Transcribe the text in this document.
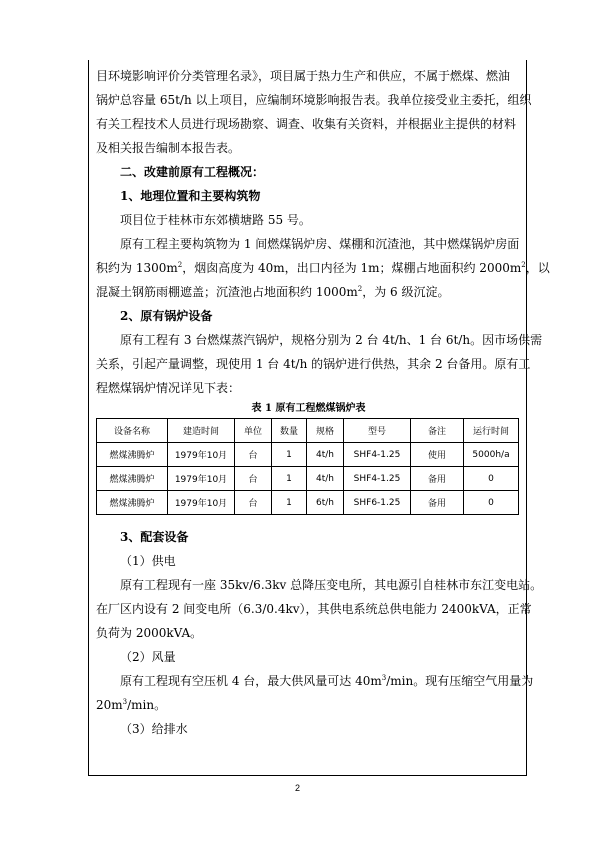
目环境影响评价分类管理名录》，项目属于热力生产和供应，不属于燃煤、燃油

锅炉总容量 65t/h 以上项目，应编制环境影响报告表。我单位接受业主委托，组织

有关工程技术人员进行现场勘察、调查、收集有关资料，并根据业主提供的材料

及相关报告编制本报告表。

二、改建前原有工程概况：

1、地理位置和主要构筑物

项目位于桂林市东郊横塘路 55 号。

原有工程主要构筑物为 1 间燃煤锅炉房、煤棚和沉渣池，其中燃煤锅炉房面

积约为 $1300m^2$，烟囱高度为 40m，出口内径为 1m；煤棚占地面积约 $2000m^2$，以

混凝土钢筋雨棚遮盖；沉渣池占地面积约 $1000m^2$，为 6 级沉淀。

2、原有锅炉设备

原有工程有 3 台燃煤蒸汽锅炉，规格分别为 2 台 4t/h、1 台 6t/h。因市场供需

关系，引起产量调整，现使用 1 台 4t/h 的锅炉进行供热，其余 2 台备用。原有工

程燃煤锅炉情况详见下表：

表 1 原有工程燃煤锅炉表

设备名称	建造时间	单位	数量	规格	型号	备注	运行时间
燃煤沸腾炉	1979年10月	台	1	4t/h	SHF4-1.25	使用	5000h/a
燃煤沸腾炉	1979年10月	台	1	4t/h	SHF4-1.25	备用	0
燃煤沸腾炉	1979年10月	台	1	6t/h	SHF6-1.25	备用	0

3、配套设备

（1）供电

原有工程现有一座 35kv/6.3kv 总降压变电所，其电源引自桂林市东江变电站。

在厂区内设有 2 间变电所（6.3/0.4kv），其供电系统总供电能力 2400kVA，正常

负荷为 2000kVA。

（2）风量

原有工程现有空压机 4 台，最大供风量可达 $40m^3/\min$。现有压缩空气用量为

$20m^3/\min$。

（3）给排水

2
